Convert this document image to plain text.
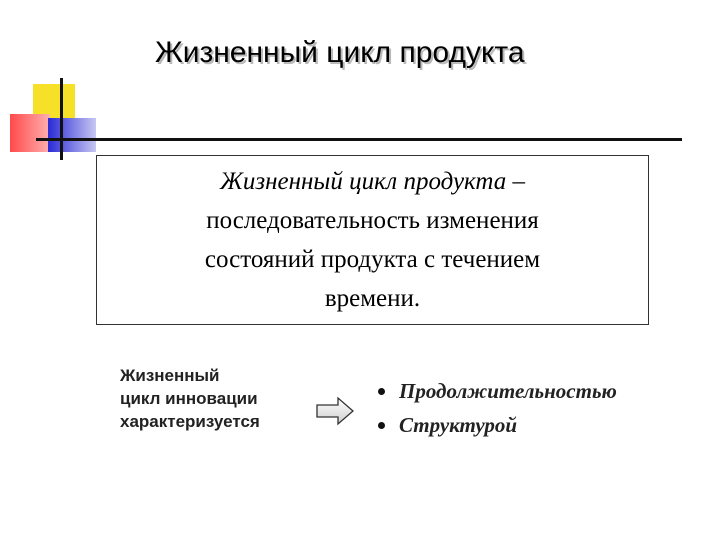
Жизненный цикл продукта
Жизненный цикл продукта –
последовательность изменения
состояний продукта с течением
времени.
Жизненный
цикл инновации
характеризуется
Продолжительностью
Структурой
